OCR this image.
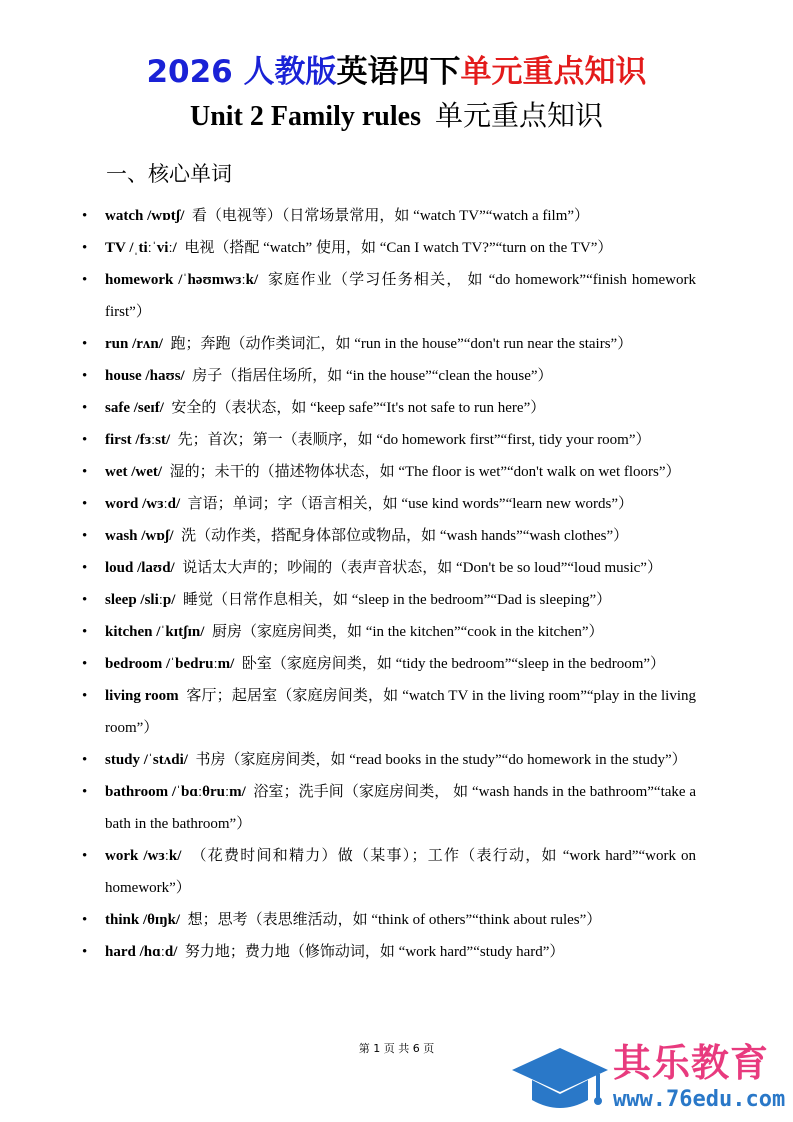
2026 人教版英语四下单元重点知识
Unit 2 Family rules 单元重点知识
一、核心单词
• watch /wɒtʃ/ 看（电视等）（日常场景常用，如 “watch TV”“watch a film”）
• TV /ˌtiːˈviː/ 电视（搭配 “watch” 使用，如 “Can I watch TV?”“turn on the TV”）
• homework /ˈhəʊmwɜːk/ 家庭作业（学习任务相关， 如 “do homework”“finish homework first”）
• run /rʌn/ 跑；奔跑（动作类词汇，如 “run in the house”“don't run near the stairs”）
• house /haʊs/ 房子（指居住场所，如 “in the house”“clean the house”）
• safe /seɪf/ 安全的（表状态，如 “keep safe”“It's not safe to run here”）
• first /fɜːst/ 先；首次；第一（表顺序，如 “do homework first”“first, tidy your room”）
• wet /wet/ 湿的；未干的（描述物体状态，如 “The floor is wet”“don't walk on wet floors”）
• word /wɜːd/ 言语；单词；字（语言相关，如 “use kind words”“learn new words”）
• wash /wɒʃ/ 洗（动作类，搭配身体部位或物品，如 “wash hands”“wash clothes”）
• loud /laʊd/ 说话太大声的；吵闹的（表声音状态，如 “Don't be so loud”“loud music”）
• sleep /sliːp/ 睡觉（日常作息相关，如 “sleep in the bedroom”“Dad is sleeping”）
• kitchen /ˈkɪtʃɪn/ 厨房（家庭房间类，如 “in the kitchen”“cook in the kitchen”）
• bedroom /ˈbedruːm/ 卧室（家庭房间类，如 “tidy the bedroom”“sleep in the bedroom”）
• living room 客厅；起居室（家庭房间类，如 “watch TV in the living room”“play in the living room”）
• study /ˈstʌdi/ 书房（家庭房间类，如 “read books in the study”“do homework in the study”）
• bathroom /ˈbɑːθruːm/ 浴室；洗手间（家庭房间类， 如 “wash hands in the bathroom”“take a bath in the bathroom”）
• work /wɜːk/ （花费时间和精力）做（某事）；工作（表行动，如 “work hard”“work on homework”）
• think /θɪŋk/ 想；思考（表思维活动，如 “think of others”“think about rules”）
• hard /hɑːd/ 努力地；费力地（修饰动词，如 “work hard”“study hard”）
第 1 页 共 6 页	其乐教育
www.76edu.com
